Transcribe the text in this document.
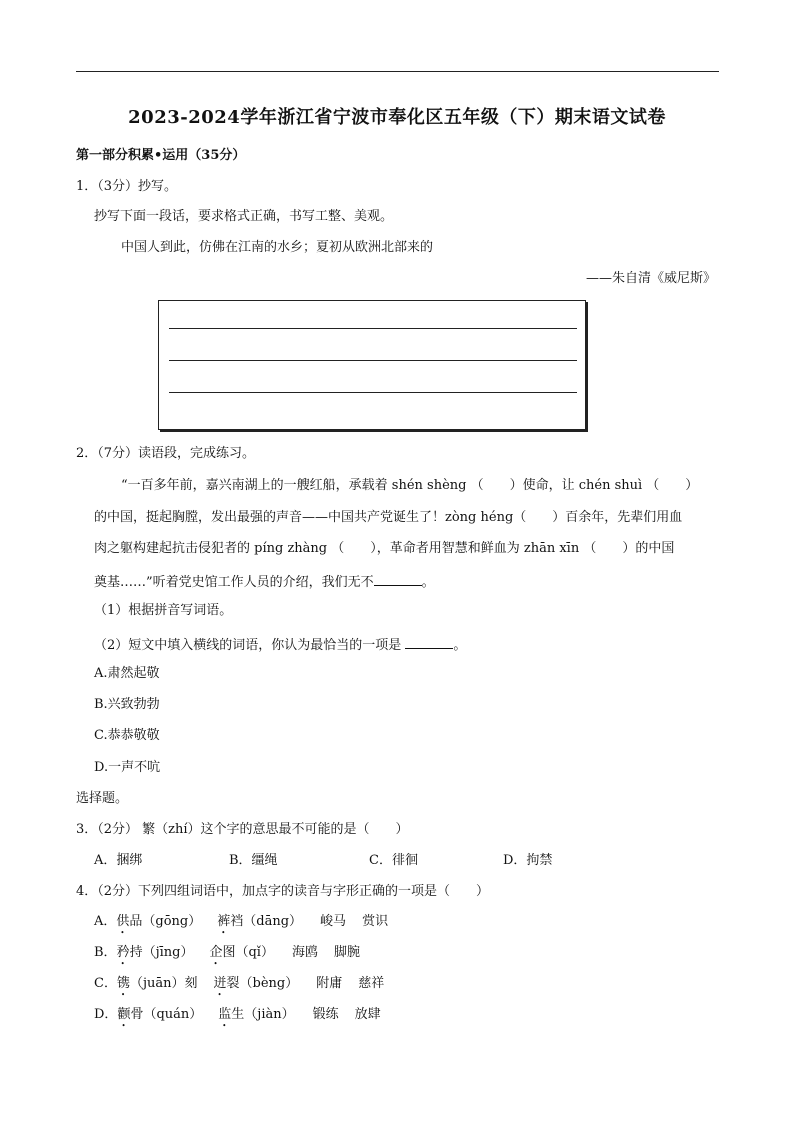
2023-2024学年浙江省宁波市奉化区五年级（下）期末语文试卷
第一部分积累•运用（35分）
1．（3分）抄写。
抄写下面一段话，要求格式正确，书写工整、美观。
中国人到此，仿佛在江南的水乡；夏初从欧洲北部来的
——朱自清《威尼斯》
2．（7分）读语段，完成练习。
“一百多年前，嘉兴南湖上的一艘红船，承载着 shén shèng （　　）使命，让 chén shuì （　　）
的中国，挺起胸膛，发出最强的声音——中国共产党诞生了！zòng héng（　　）百余年，先辈们用血
肉之躯构建起抗击侵犯者的 píng zhàng （　　），革命者用智慧和鲜血为 zhān xīn （　　）的中国
奠基……”听着党史馆工作人员的介绍，我们无不	。
（1）根据拼音写词语。
（2）短文中填入横线的词语，你认为最恰当的一项是	。
A.肃然起敬
B.兴致勃勃
C.恭恭敬敬
D.一声不吭
选择题。
3．（2分） 繁（zhí）这个字的意思最不可能的是（　　）
A．捆绑	B．缰绳	C．徘徊	D．拘禁
4．（2分）下列四组词语中，加点字的读音与字形正确的一项是（　　）
A．供品（gōng） 裤裆（dāng） 峻马 赏识
B．矜持（jīng） 企图（qǐ） 海鸥 脚腕
C．镌（juān）刻 迸裂（bèng） 附庸 慈祥
D．颧骨（quán） 监生（jiàn） 锻练 放肆
